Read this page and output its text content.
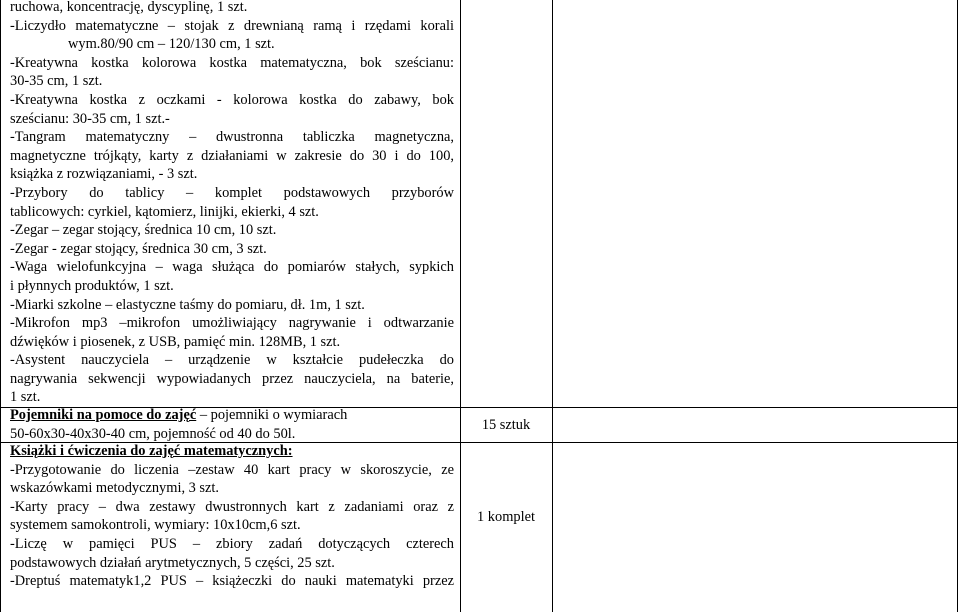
ruchowa, koncentrację, dyscyplinę, 1 szt.
-Liczydło matematyczne – stojak z drewnianą ramą i rzędami korali
wym.80/90 cm – 120/130 cm, 1 szt.
-Kreatywna kostka kolorowa kostka matematyczna, bok sześcianu:
30-35 cm, 1 szt.
-Kreatywna kostka z oczkami - kolorowa kostka do zabawy, bok
sześcianu: 30-35 cm, 1 szt.-
-Tangram matematyczny – dwustronna tabliczka magnetyczna,
magnetyczne trójkąty, karty z działaniami w zakresie do 30 i do 100,
książka z rozwiązaniami, - 3 szt.
-Przybory do tablicy – komplet podstawowych przyborów
tablicowych: cyrkiel, kątomierz, linijki, ekierki, 4 szt.
-Zegar – zegar stojący, średnica 10 cm, 10 szt.
-Zegar - zegar stojący, średnica 30 cm, 3 szt.
-Waga wielofunkcyjna – waga służąca do pomiarów stałych, sypkich
i płynnych produktów, 1 szt.
-Miarki szkolne – elastyczne taśmy do pomiaru, dł. 1m, 1 szt.
-Mikrofon mp3 –mikrofon umożliwiający nagrywanie i odtwarzanie
dźwięków i piosenek, z USB, pamięć min. 128MB, 1 szt.
-Asystent nauczyciela – urządzenie w kształcie pudełeczka do
nagrywania sekwencji wypowiadanych przez nauczyciela, na baterie,
1 szt.
Pojemniki na pomoce do zajęć – pojemniki o wymiarach
50-60x30-40x30-40 cm, pojemność od 40 do 50l.
15 sztuk
Książki i ćwiczenia do zajęć matematycznych:
-Przygotowanie do liczenia –zestaw 40 kart pracy w skoroszycie, ze
wskazówkami metodycznymi, 3 szt.
-Karty pracy – dwa zestawy dwustronnych kart z zadaniami oraz z
systemem samokontroli, wymiary: 10x10cm,6 szt.
-Liczę w pamięci PUS – zbiory zadań dotyczących czterech
podstawowych działań arytmetycznych, 5 części, 25 szt.
-Dreptuś matematyk1,2 PUS – książeczki do nauki matematyki przez
1 komplet
